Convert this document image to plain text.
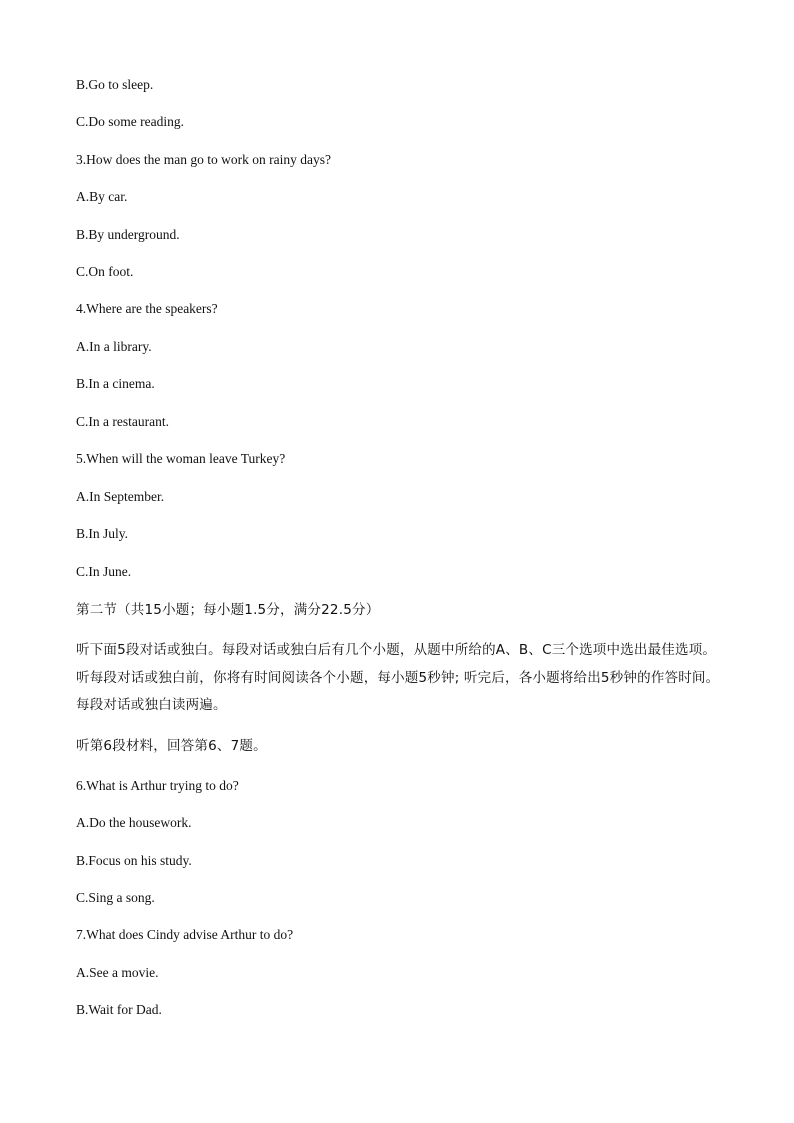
B.Go to sleep.
C.Do some reading.
3.How does the man go to work on rainy days?
A.By car.
B.By underground.
C.On foot.
4.Where are the speakers?
A.In a library.
B.In a cinema.
C.In a restaurant.
5.When will the woman leave Turkey?
A.In September.
B.In July.
C.In June.
第二节（共15小题；每小题1.5分，满分22.5分）
听下面5段对话或独白。每段对话或独白后有几个小题，从题中所给的A、B、C三个选项中选出最佳选项。
听每段对话或独白前，你将有时间阅读各个小题，每小题5秒钟; 听完后，各小题将给出5秒钟的作答时间。
每段对话或独白读两遍。
听第6段材料，回答第6、7题。
6.What is Arthur trying to do?
A.Do the housework.
B.Focus on his study.
C.Sing a song.
7.What does Cindy advise Arthur to do?
A.See a movie.
B.Wait for Dad.
